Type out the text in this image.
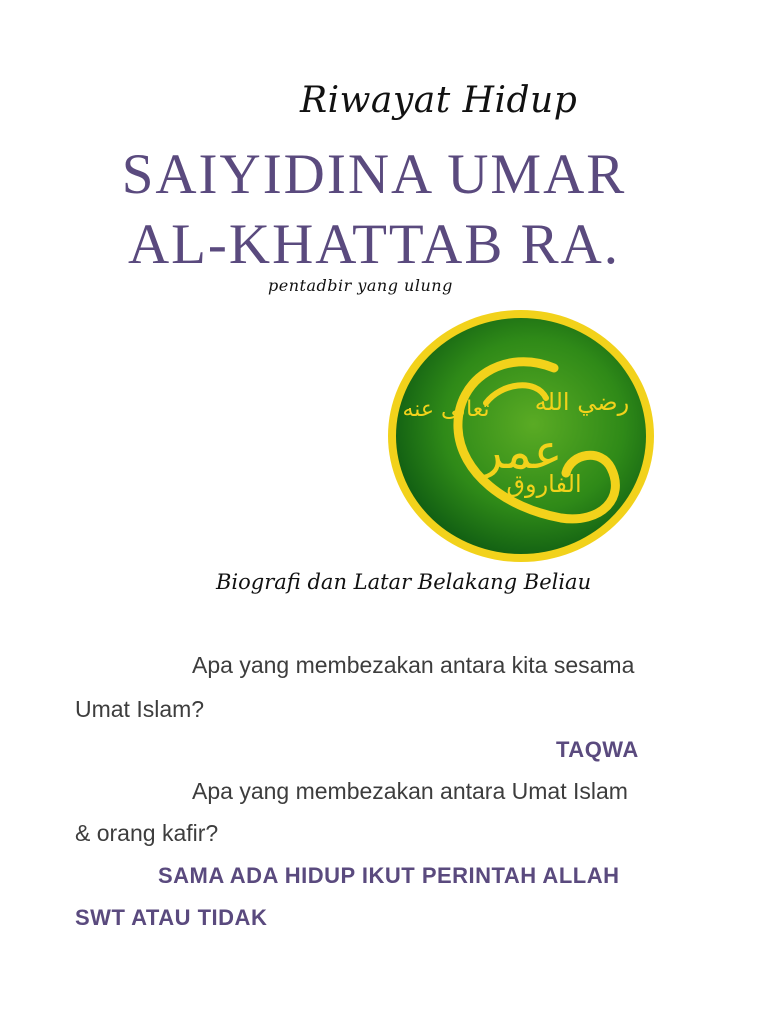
Riwayat Hidup
SAIYIDINA UMAR
AL-KHATTAB RA.
pentadbir yang ulung
رضي الله
تعالى عنه
عمر
الفاروق
Biografi dan Latar Belakang Beliau
Apa yang membezakan antara kita sesama
Umat Islam?
TAQWA
Apa yang membezakan antara Umat Islam
& orang kafir?
SAMA ADA HIDUP IKUT PERINTAH ALLAH
SWT ATAU TIDAK
